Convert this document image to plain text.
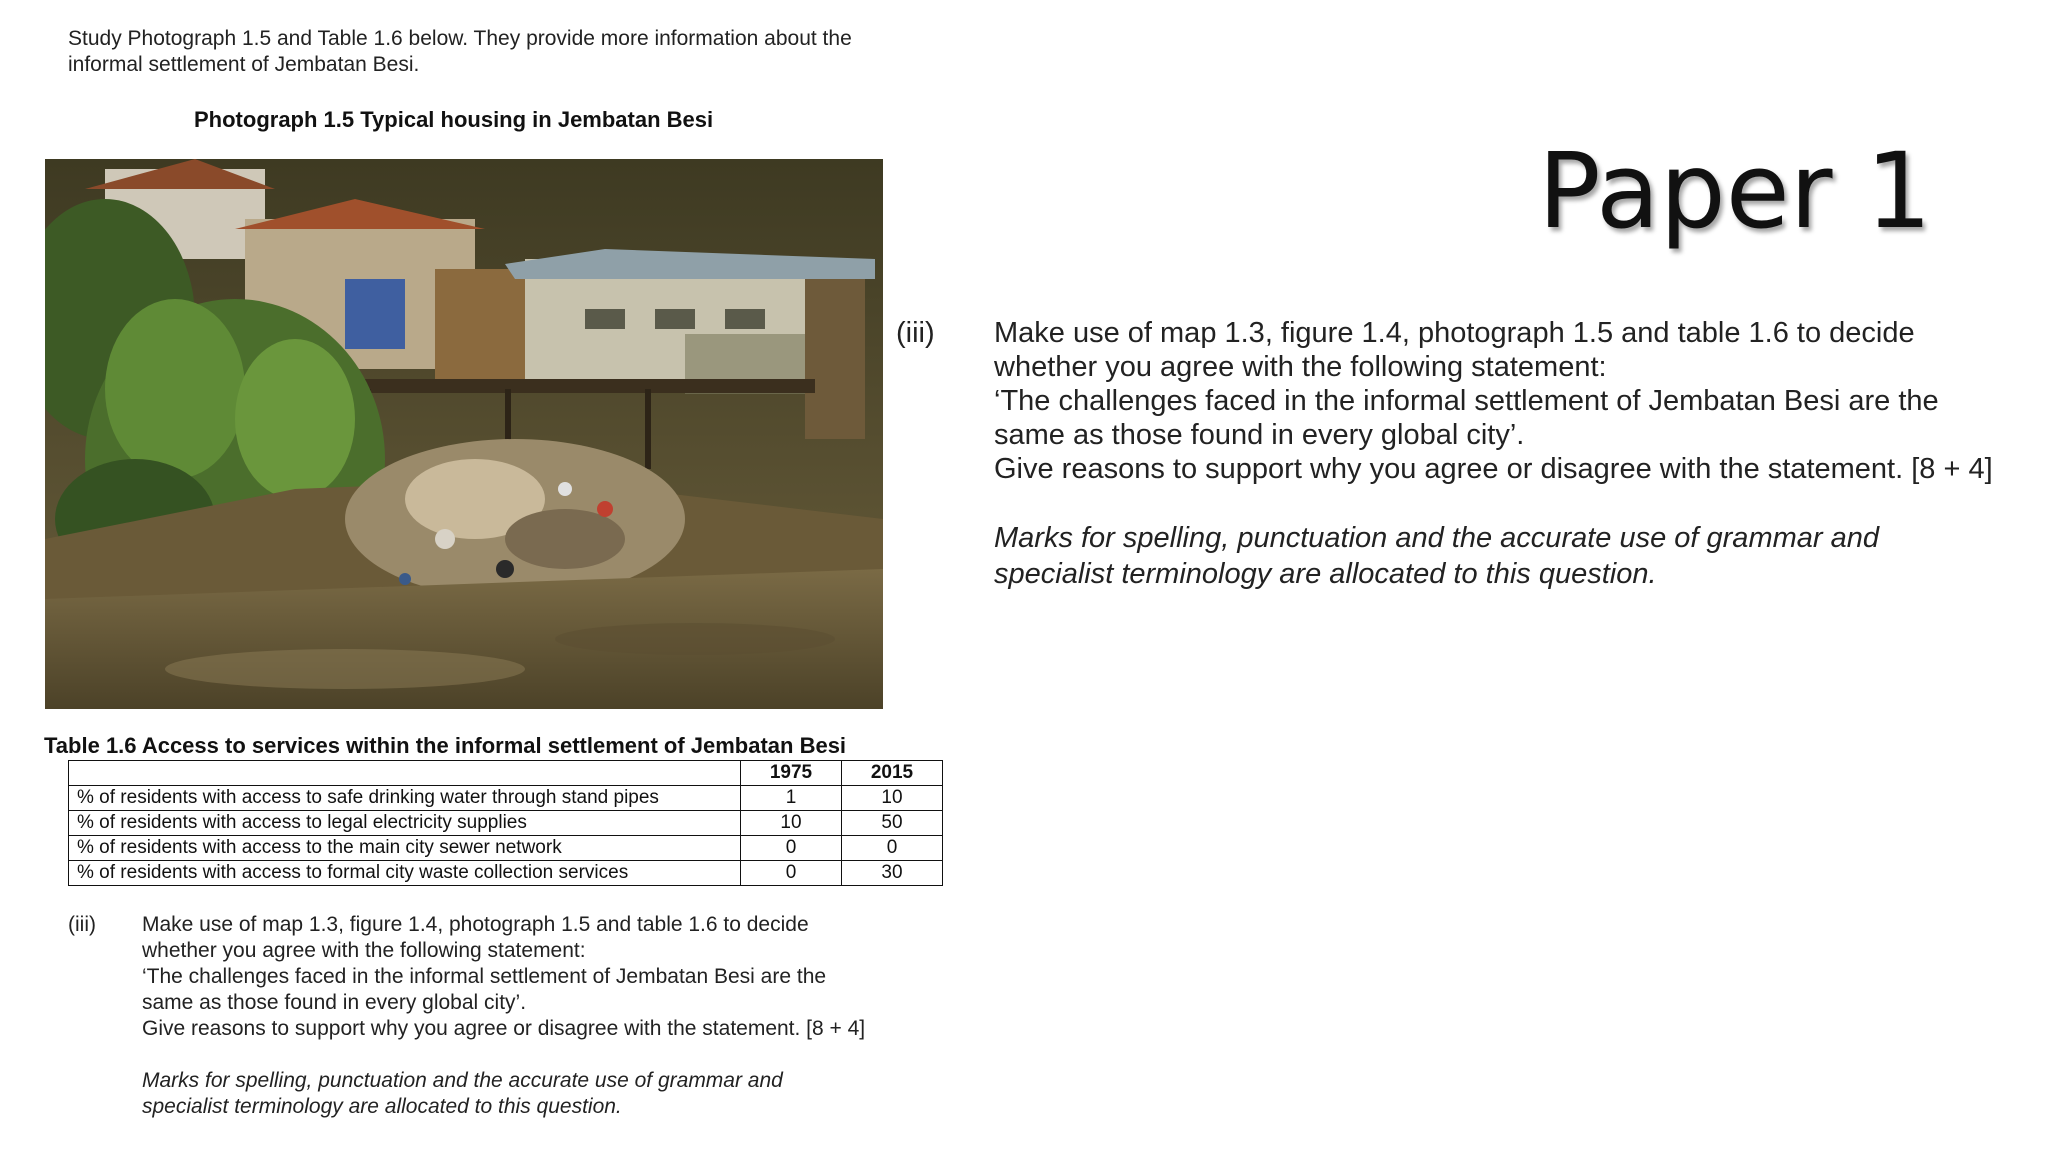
Study Photograph 1.5 and Table 1.6 below. They provide more information about the
informal settlement of Jembatan Besi.
Photograph 1.5 Typical housing in Jembatan Besi
Table 1.6 Access to services within the informal settlement of Jembatan Besi
	1975	2015
% of residents with access to safe drinking water through stand pipes	1	10
% of residents with access to legal electricity supplies	10	50
% of residents with access to the main city sewer network	0	0
% of residents with access to formal city waste collection services	0	30
(iii) Make use of map 1.3, figure 1.4, photograph 1.5 and table 1.6 to decide
whether you agree with the following statement:
‘The challenges faced in the informal settlement of Jembatan Besi are the
same as those found in every global city’.
Give reasons to support why you agree or disagree with the statement. [8 + 4]
Marks for spelling, punctuation and the accurate use of grammar and
specialist terminology are allocated to this question.
Paper 1
(iii) Make use of map 1.3, figure 1.4, photograph 1.5 and table 1.6 to decide
whether you agree with the following statement:
‘The challenges faced in the informal settlement of Jembatan Besi are the
same as those found in every global city’.
Give reasons to support why you agree or disagree with the statement. [8 + 4]
Marks for spelling, punctuation and the accurate use of grammar and
specialist terminology are allocated to this question.
